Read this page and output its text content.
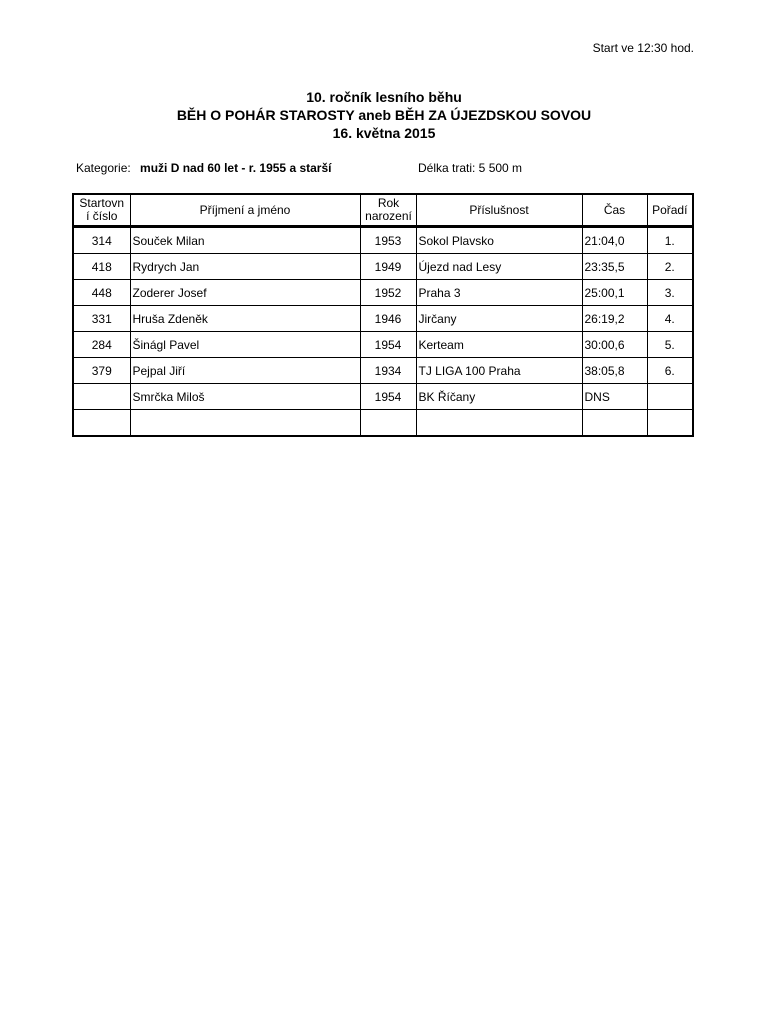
Start ve 12:30 hod.
10. ročník lesního běhu
BĚH O POHÁR STAROSTY aneb BĚH ZA ÚJEZDSKOU SOVOU
16. května 2015
Kategorie: muži D nad 60 let - r. 1955 a starší	Délka trati: 5 500 m
Startovn í číslo	Příjmení a jméno	Rok narození	Příslušnost	Čas	Pořadí
314	Souček Milan	1953	Sokol Plavsko	21:04,0	1.
418	Rydrych Jan	1949	Újezd nad Lesy	23:35,5	2.
448	Zoderer Josef	1952	Praha 3	25:00,1	3.
331	Hruša Zdeněk	1946	Jirčany	26:19,2	4.
284	Šinágl Pavel	1954	Kerteam	30:00,6	5.
379	Pejpal Jiří	1934	TJ LIGA 100 Praha	38:05,8	6.
	Smrčka Miloš	1954	BK Říčany	DNS	
